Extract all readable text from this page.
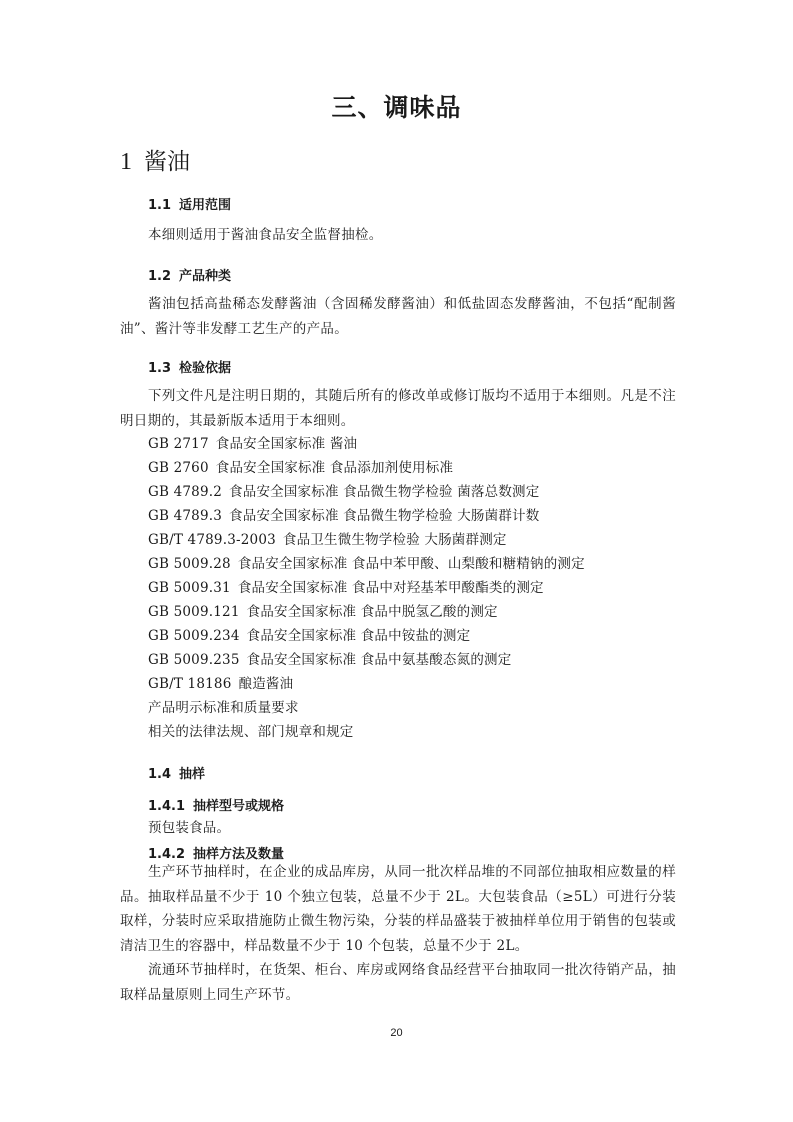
三、调味品
1 酱油
1.1 适用范围
本细则适用于酱油食品安全监督抽检。
1.2 产品种类
酱油包括高盐稀态发酵酱油（含固稀发酵酱油）和低盐固态发酵酱油，不包括“配制酱油”、酱汁等非发酵工艺生产的产品。
1.3 检验依据
下列文件凡是注明日期的，其随后所有的修改单或修订版均不适用于本细则。凡是不注明日期的，其最新版本适用于本细则。
GB 2717 食品安全国家标准 酱油
GB 2760 食品安全国家标准 食品添加剂使用标准
GB 4789.2 食品安全国家标准 食品微生物学检验 菌落总数测定
GB 4789.3 食品安全国家标准 食品微生物学检验 大肠菌群计数
GB/T 4789.3-2003 食品卫生微生物学检验 大肠菌群测定
GB 5009.28 食品安全国家标准 食品中苯甲酸、山梨酸和糖精钠的测定
GB 5009.31 食品安全国家标准 食品中对羟基苯甲酸酯类的测定
GB 5009.121 食品安全国家标准 食品中脱氢乙酸的测定
GB 5009.234 食品安全国家标准 食品中铵盐的测定
GB 5009.235 食品安全国家标准 食品中氨基酸态氮的测定
GB/T 18186 酿造酱油
产品明示标准和质量要求
相关的法律法规、部门规章和规定
1.4 抽样
1.4.1 抽样型号或规格
预包装食品。
1.4.2 抽样方法及数量
生产环节抽样时，在企业的成品库房，从同一批次样品堆的不同部位抽取相应数量的样品。抽取样品量不少于 10 个独立包装，总量不少于 2L。大包装食品（≥5L）可进行分装取样，分装时应采取措施防止微生物污染，分装的样品盛装于被抽样单位用于销售的包装或清洁卫生的容器中，样品数量不少于 10 个包装，总量不少于 2L。
流通环节抽样时，在货架、柜台、库房或网络食品经营平台抽取同一批次待销产品，抽取样品量原则上同生产环节。
20
